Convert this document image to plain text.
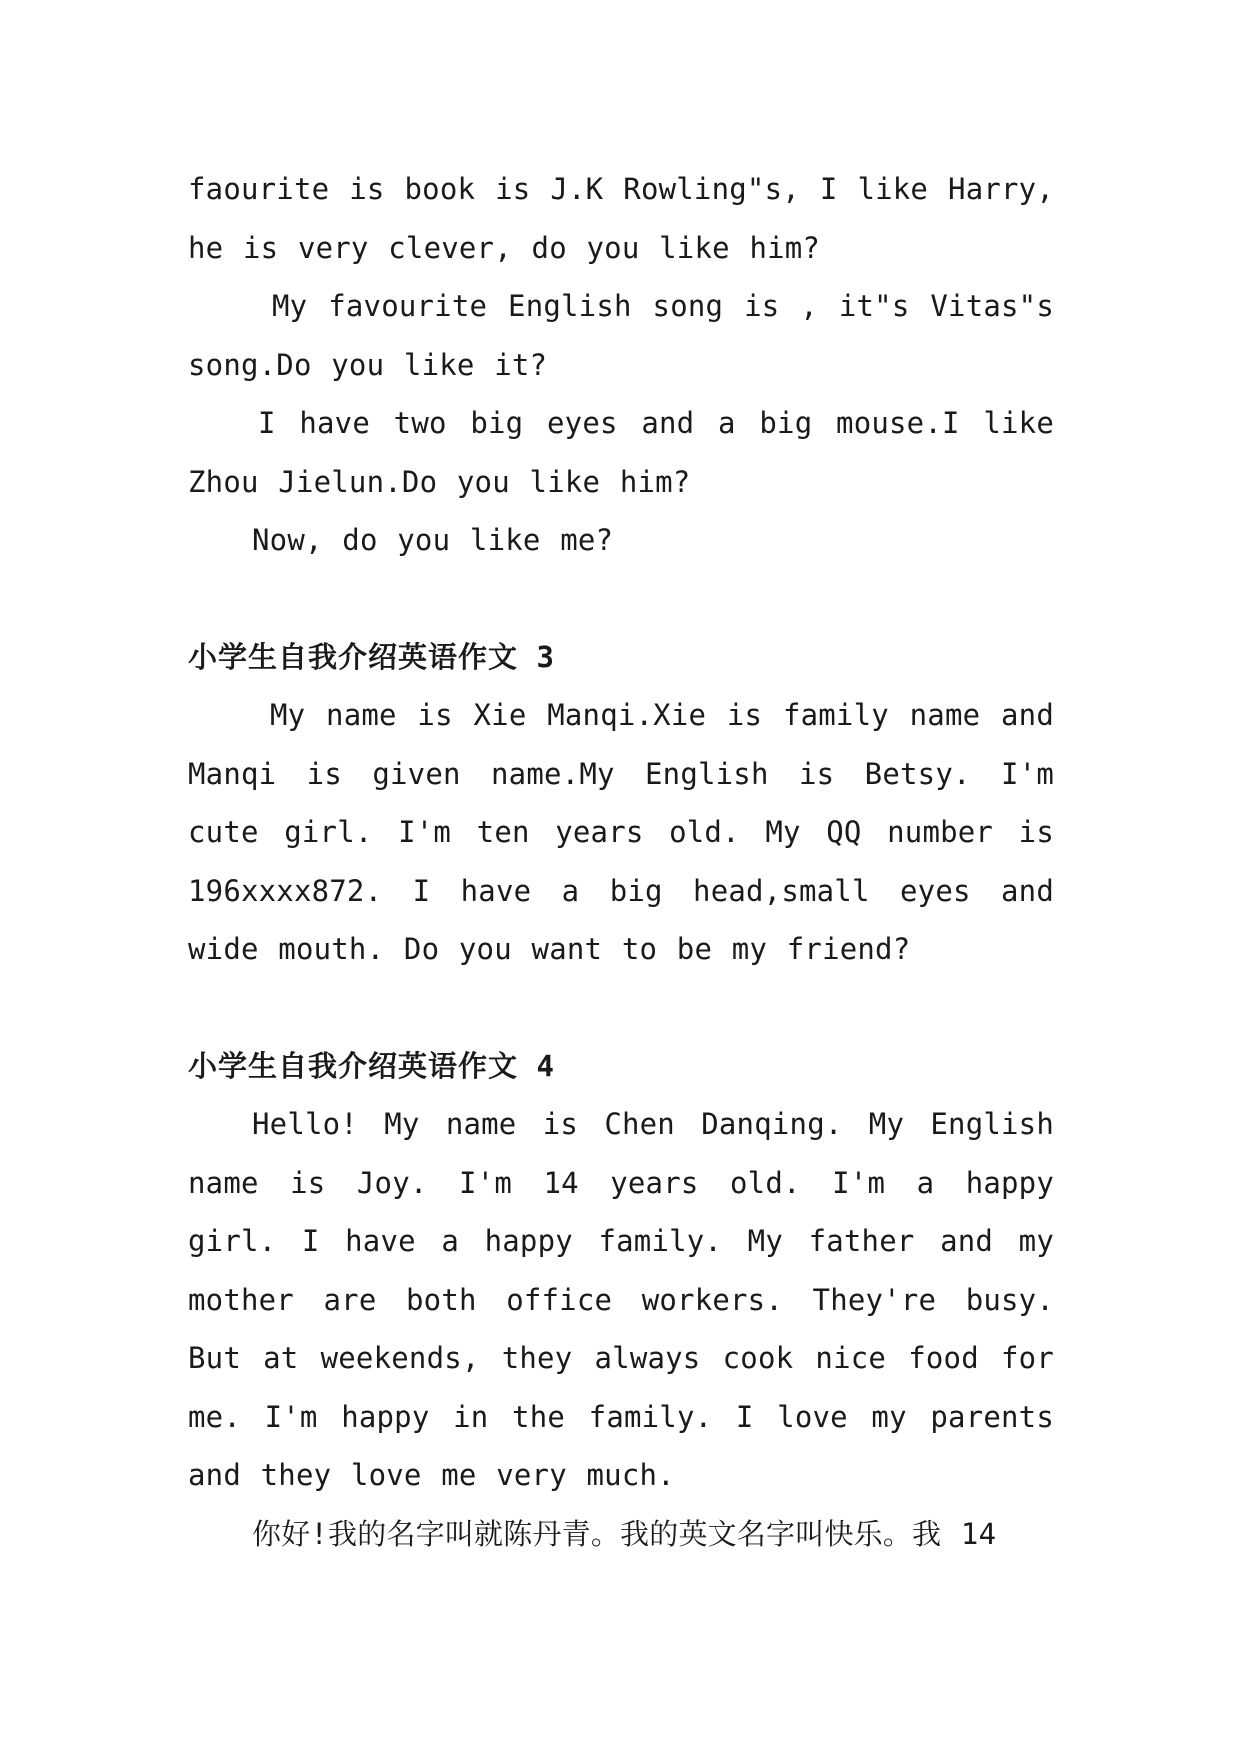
faourite is book is J.K Rowling"s, I like Harry, he is very clever, do you like him?

My favourite English song is , it"s Vitas"s song.Do you like it?

I have two big eyes and a big mouse.I like Zhou Jielun.Do you like him?

Now, do you like me?

小学生自我介绍英语作文 3

My name is Xie Manqi.Xie is family name and Manqi is given name.My English is Betsy. I'm cute girl. I'm ten years old. My QQ number is 196xxxx872. I have a big head,small eyes and wide mouth. Do you want to be my friend?

小学生自我介绍英语作文 4

Hello! My name is Chen Danqing. My English name is Joy. I'm 14 years old. I'm a happy girl. I have a happy family. My father and my mother are both office workers. They're busy. But at weekends, they always cook nice food for me. I'm happy in the family. I love my parents and they love me very much.

你好!我的名字叫就陈丹青。我的英文名字叫快乐。我 14
